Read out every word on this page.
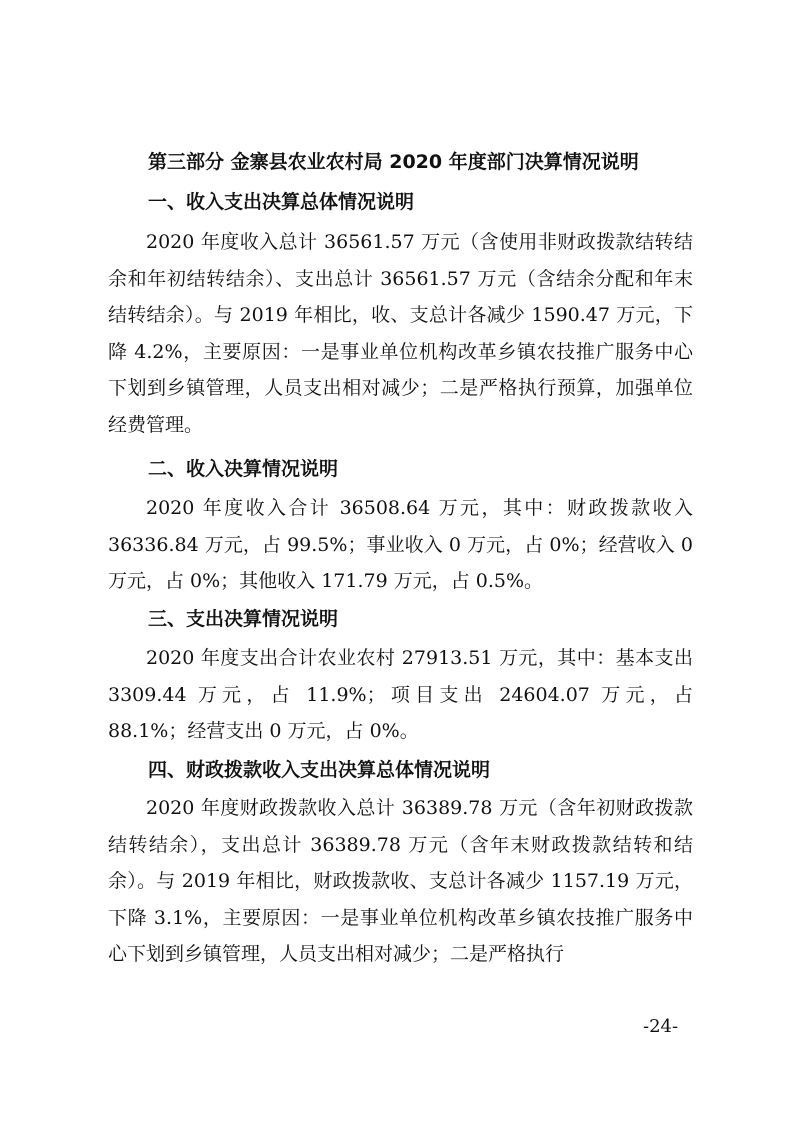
第三部分 金寨县农业农村局 2020 年度部门决算情况说明
一、收入支出决算总体情况说明
2020 年度收入总计 36561.57 万元（含使用非财政拨款结转结余和年初结转结余）、支出总计 36561.57 万元（含结余分配和年末结转结余）。与 2019 年相比，收、支总计各减少 1590.47 万元，下降 4.2%，主要原因：一是事业单位机构改革乡镇农技推广服务中心下划到乡镇管理，人员支出相对减少；二是严格执行预算，加强单位经费管理。
二、收入决算情况说明
2020 年度收入合计 36508.64 万元，其中：财政拨款收入 36336.84 万元，占 99.5%；事业收入 0 万元，占 0%；经营收入 0 万元，占 0%；其他收入 171.79 万元，占 0.5%。
三、支出决算情况说明
2020 年度支出合计农业农村 27913.51 万元，其中：基本支出 3309.44 万元，占 11.9%；项目支出 24604.07 万元，占 88.1%；经营支出 0 万元，占 0%。
四、财政拨款收入支出决算总体情况说明
2020 年度财政拨款收入总计 36389.78 万元（含年初财政拨款结转结余），支出总计 36389.78 万元（含年末财政拨款结转和结余）。与 2019 年相比，财政拨款收、支总计各减少 1157.19 万元，下降 3.1%，主要原因：一是事业单位机构改革乡镇农技推广服务中心下划到乡镇管理，人员支出相对减少；二是严格执行
-24-
